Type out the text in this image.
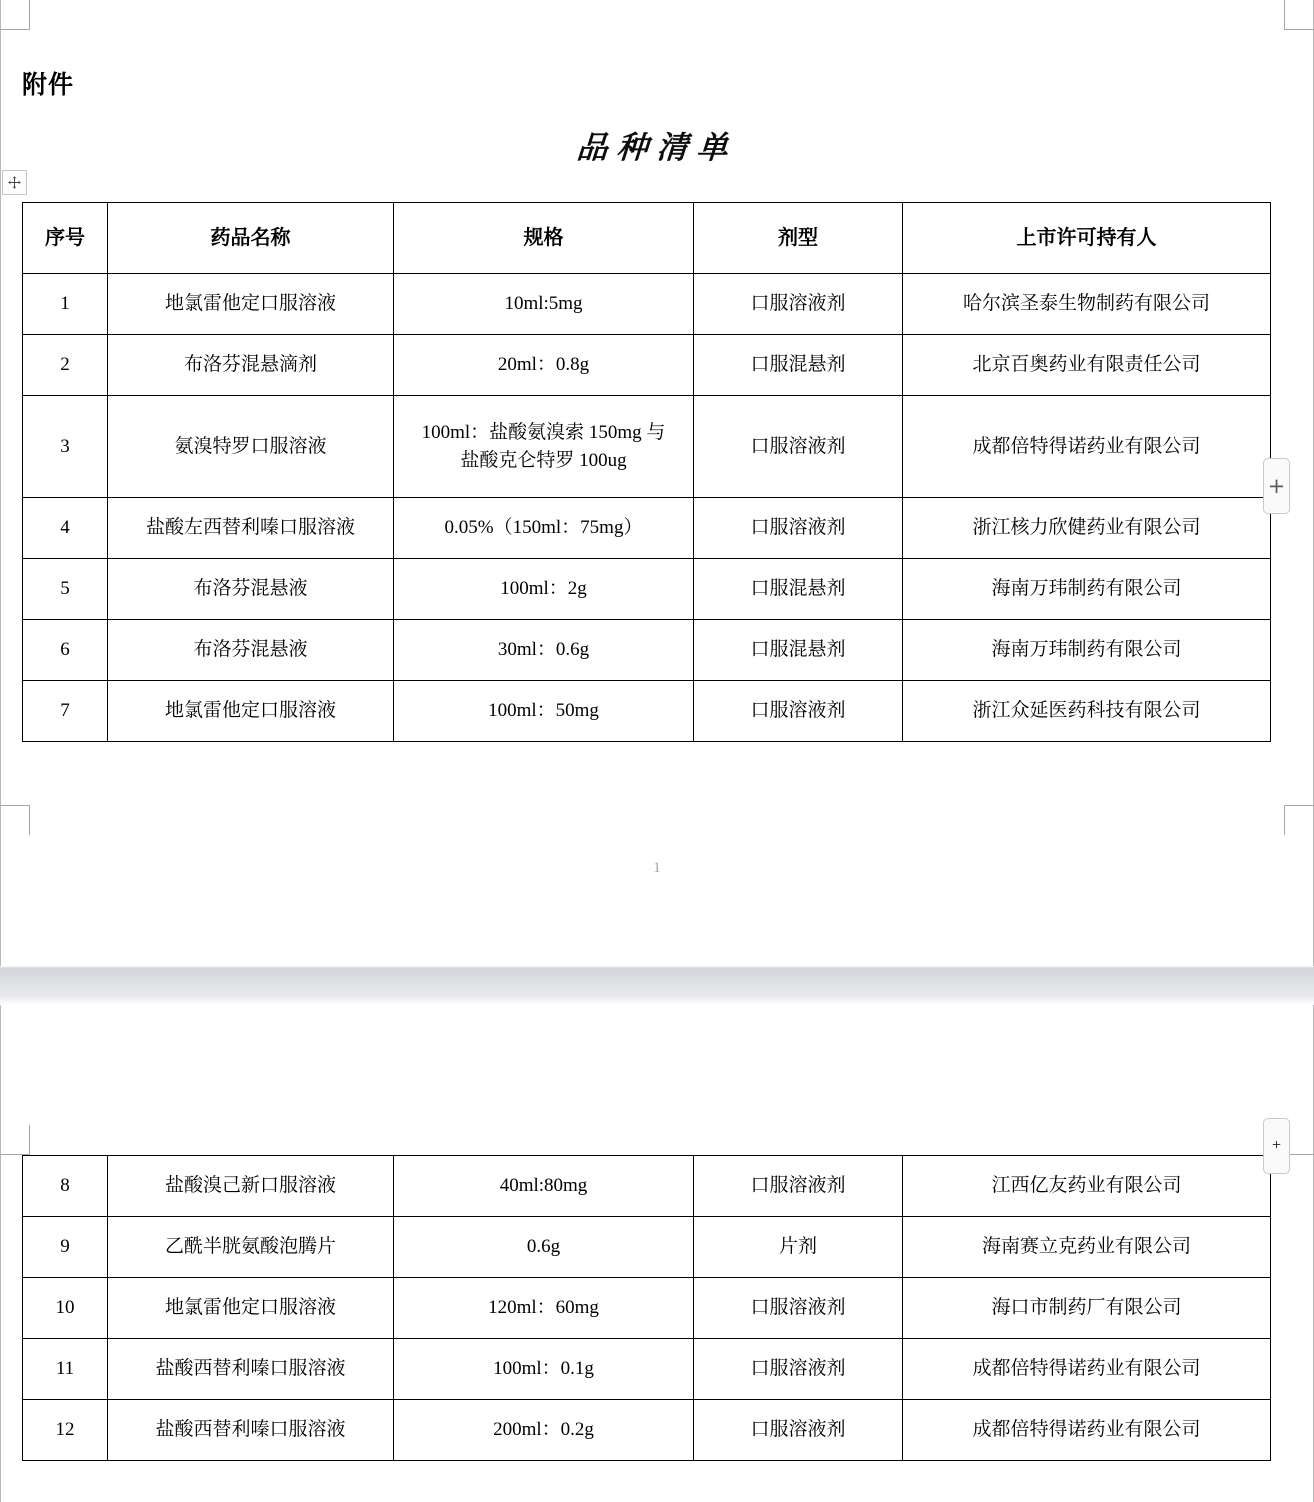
附件
品种清单
序号	药品名称	规格	剂型	上市许可持有人
1	地氯雷他定口服溶液	10ml:5mg	口服溶液剂	哈尔滨圣泰生物制药有限公司
2	布洛芬混悬滴剂	20ml：0.8g	口服混悬剂	北京百奥药业有限责任公司
3	氨溴特罗口服溶液	100ml：盐酸氨溴索 150mg 与
盐酸克仑特罗 100ug	口服溶液剂	成都倍特得诺药业有限公司
4	盐酸左西替利嗪口服溶液	0.05%（150ml：75mg）	口服溶液剂	浙江核力欣健药业有限公司
5	布洛芬混悬液	100ml：2g	口服混悬剂	海南万玮制药有限公司
6	布洛芬混悬液	30ml：0.6g	口服混悬剂	海南万玮制药有限公司
7	地氯雷他定口服溶液	100ml：50mg	口服溶液剂	浙江众延医药科技有限公司
+
1
8	盐酸溴己新口服溶液	40ml:80mg	口服溶液剂	江西亿友药业有限公司
9	乙酰半胱氨酸泡腾片	0.6g	片剂	海南赛立克药业有限公司
10	地氯雷他定口服溶液	120ml：60mg	口服溶液剂	海口市制药厂有限公司
11	盐酸西替利嗪口服溶液	100ml：0.1g	口服溶液剂	成都倍特得诺药业有限公司
12	盐酸西替利嗪口服溶液	200ml：0.2g	口服溶液剂	成都倍特得诺药业有限公司
+
